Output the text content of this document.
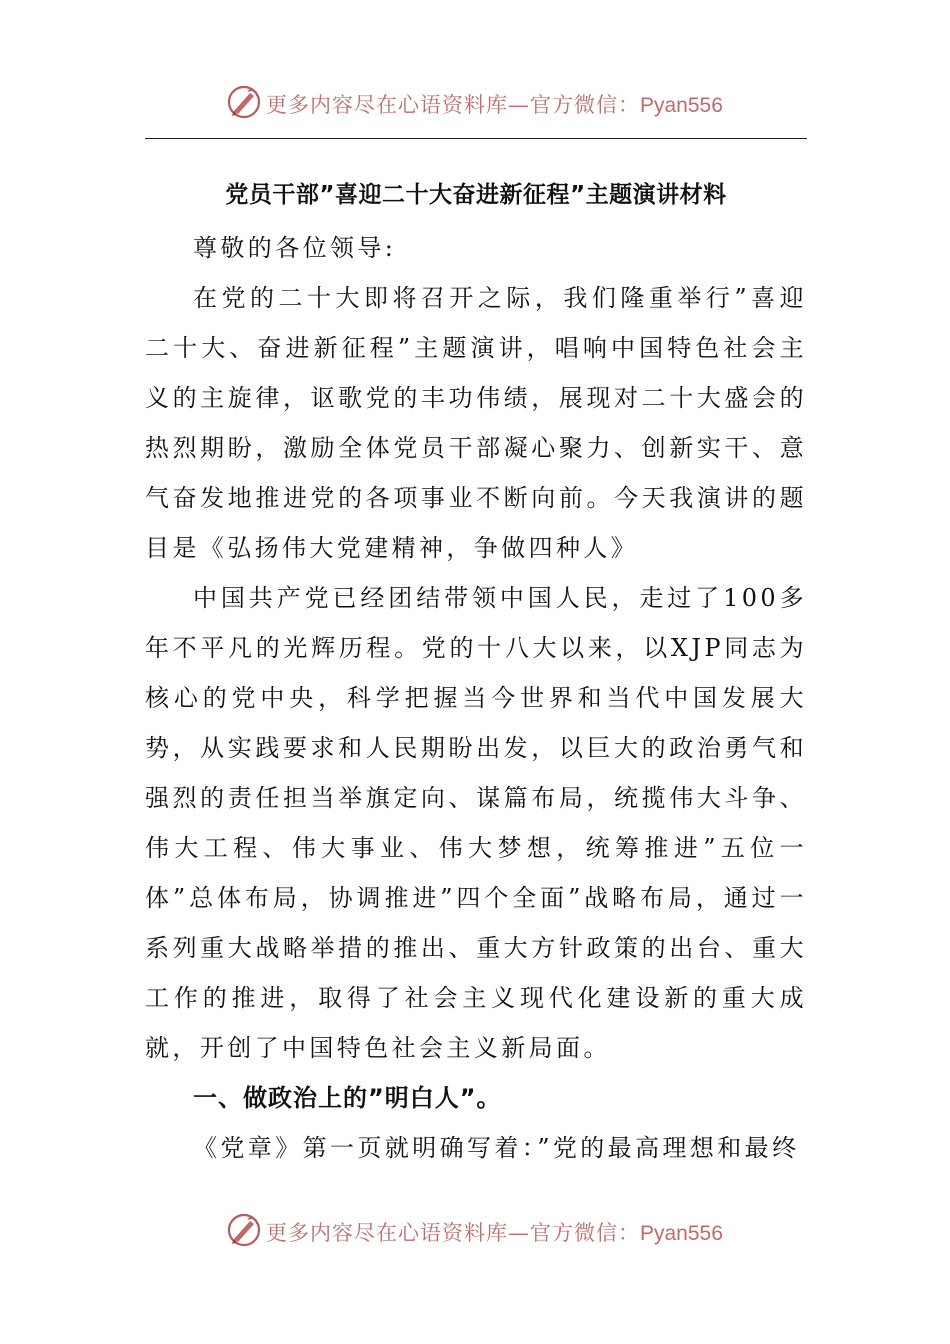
更多内容尽在心语资料库—官方微信：Pyan556
党员干部”喜迎二十大奋进新征程”主题演讲材料

尊敬的各位领导:

在党的二十大即将召开之际，我们隆重举行”喜迎二十大、奋进新征程”主题演讲，唱响中国特色社会主义的主旋律，讴歌党的丰功伟绩，展现对二十大盛会的热烈期盼，激励全体党员干部凝心聚力、创新实干、意气奋发地推进党的各项事业不断向前。今天我演讲的题目是《弘扬伟大党建精神，争做四种人》

中国共产党已经团结带领中国人民，走过了100多年不平凡的光辉历程。党的十八大以来，以XJP同志为核心的党中央，科学把握当今世界和当代中国发展大势，从实践要求和人民期盼出发，以巨大的政治勇气和强烈的责任担当举旗定向、谋篇布局，统揽伟大斗争、伟大工程、伟大事业、伟大梦想，统筹推进”五位一体”总体布局，协调推进”四个全面”战略布局，通过一系列重大战略举措的推出、重大方针政策的出台、重大工作的推进，取得了社会主义现代化建设新的重大成就，开创了中国特色社会主义新局面。

一、做政治上的”明白人”。

《党章》第一页就明确写着：”党的最高理想和最终

更多内容尽在心语资料库—官方微信：Pyan556
